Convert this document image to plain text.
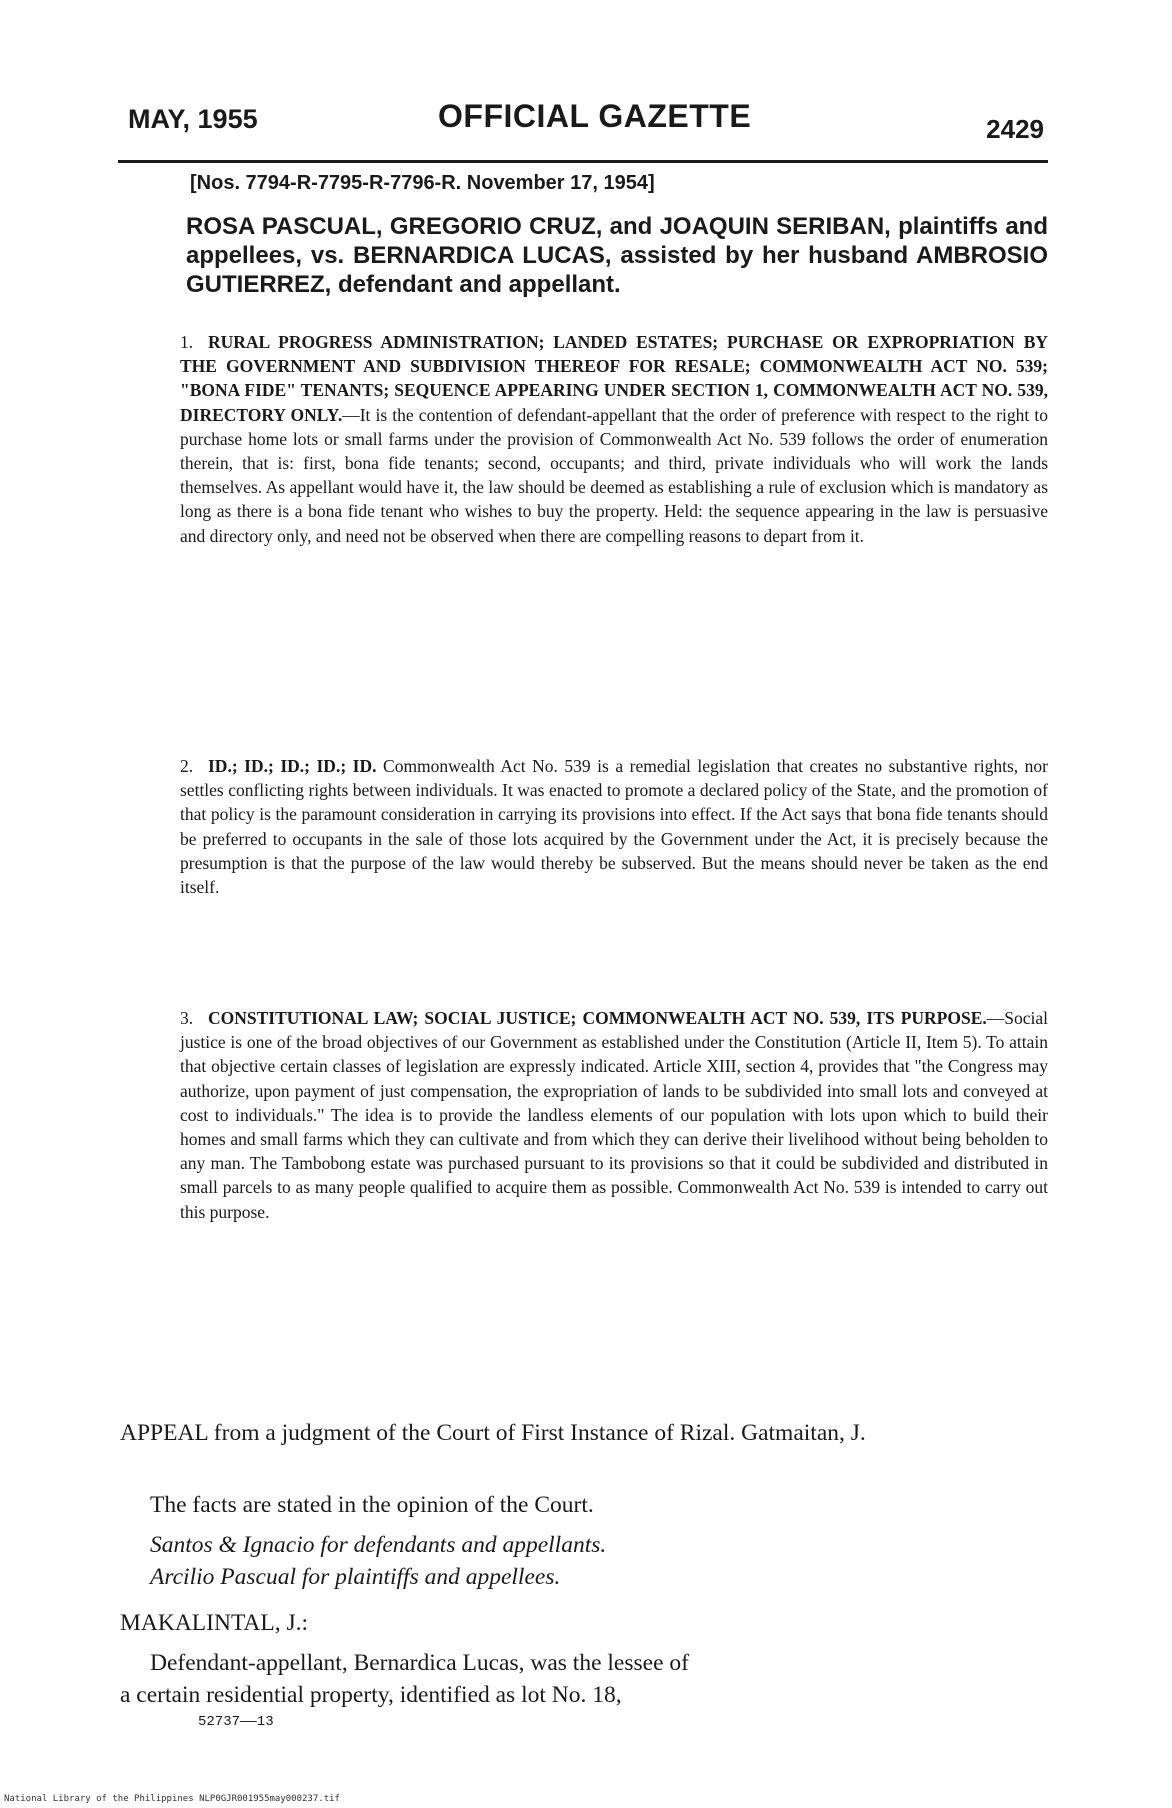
MAY, 1955	OFFICIAL GAZETTE	2429
[Nos. 7794-R-7795-R-7796-R. November 17, 1954]
ROSA PASCUAL, GREGORIO CRUZ, and JOAQUIN SERIBAN, plaintiffs and appellees, vs. BERNARDICA LUCAS, assisted by her husband AMBROSIO GUTIERREZ, defendant and appellant.
1. RURAL PROGRESS ADMINISTRATION; LANDED ESTATES; PURCHASE OR EXPROPRIATION BY THE GOVERNMENT AND SUBDIVISION THEREOF FOR RESALE; COMMONWEALTH ACT NO. 539; "BONA FIDE" TENANTS; SEQUENCE APPEARING UNDER SECTION 1, COMMONWEALTH ACT NO. 539, DIRECTORY ONLY.—It is the contention of defendant-appellant that the order of preference with respect to the right to purchase home lots or small farms under the provision of Commonwealth Act No. 539 follows the order of enumeration therein, that is: first, bona fide tenants; second, occupants; and third, private individuals who will work the lands themselves. As appellant would have it, the law should be deemed as establishing a rule of exclusion which is mandatory as long as there is a bona fide tenant who wishes to buy the property. Held: the sequence appearing in the law is persuasive and directory only, and need not be observed when there are compelling reasons to depart from it.
2. ID.; ID.; ID.; ID.; ID. Commonwealth Act No. 539 is a remedial legislation that creates no substantive rights, nor settles conflicting rights between individuals. It was enacted to promote a declared policy of the State, and the promotion of that policy is the paramount consideration in carrying its provisions into effect. If the Act says that bona fide tenants should be preferred to occupants in the sale of those lots acquired by the Government under the Act, it is precisely because the presumption is that the purpose of the law would thereby be subserved. But the means should never be taken as the end itself.
3. CONSTITUTIONAL LAW; SOCIAL JUSTICE; COMMONWEALTH ACT NO. 539, ITS PURPOSE.—Social justice is one of the broad objectives of our Government as established under the Constitution (Article II, Item 5). To attain that objective certain classes of legislation are expressly indicated. Article XIII, section 4, provides that "the Congress may authorize, upon payment of just compensation, the expropriation of lands to be subdivided into small lots and conveyed at cost to individuals." The idea is to provide the landless elements of our population with lots upon which to build their homes and small farms which they can cultivate and from which they can derive their livelihood without being beholden to any man. The Tambobong estate was purchased pursuant to its provisions so that it could be subdivided and distributed in small parcels to as many people qualified to acquire them as possible. Commonwealth Act No. 539 is intended to carry out this purpose.
APPEAL from a judgment of the Court of First Instance of Rizal. Gatmaitan, J.
The facts are stated in the opinion of the Court.
Santos & Ignacio for defendants and appellants.
Arcilio Pascual for plaintiffs and appellees.
MAKALINTAL, J.:
Defendant-appellant, Bernardica Lucas, was the lessee of
a certain residential property, identified as lot No. 18,
52737——13
National Library of the Philippines NLP0GJR001955may000237.tif
